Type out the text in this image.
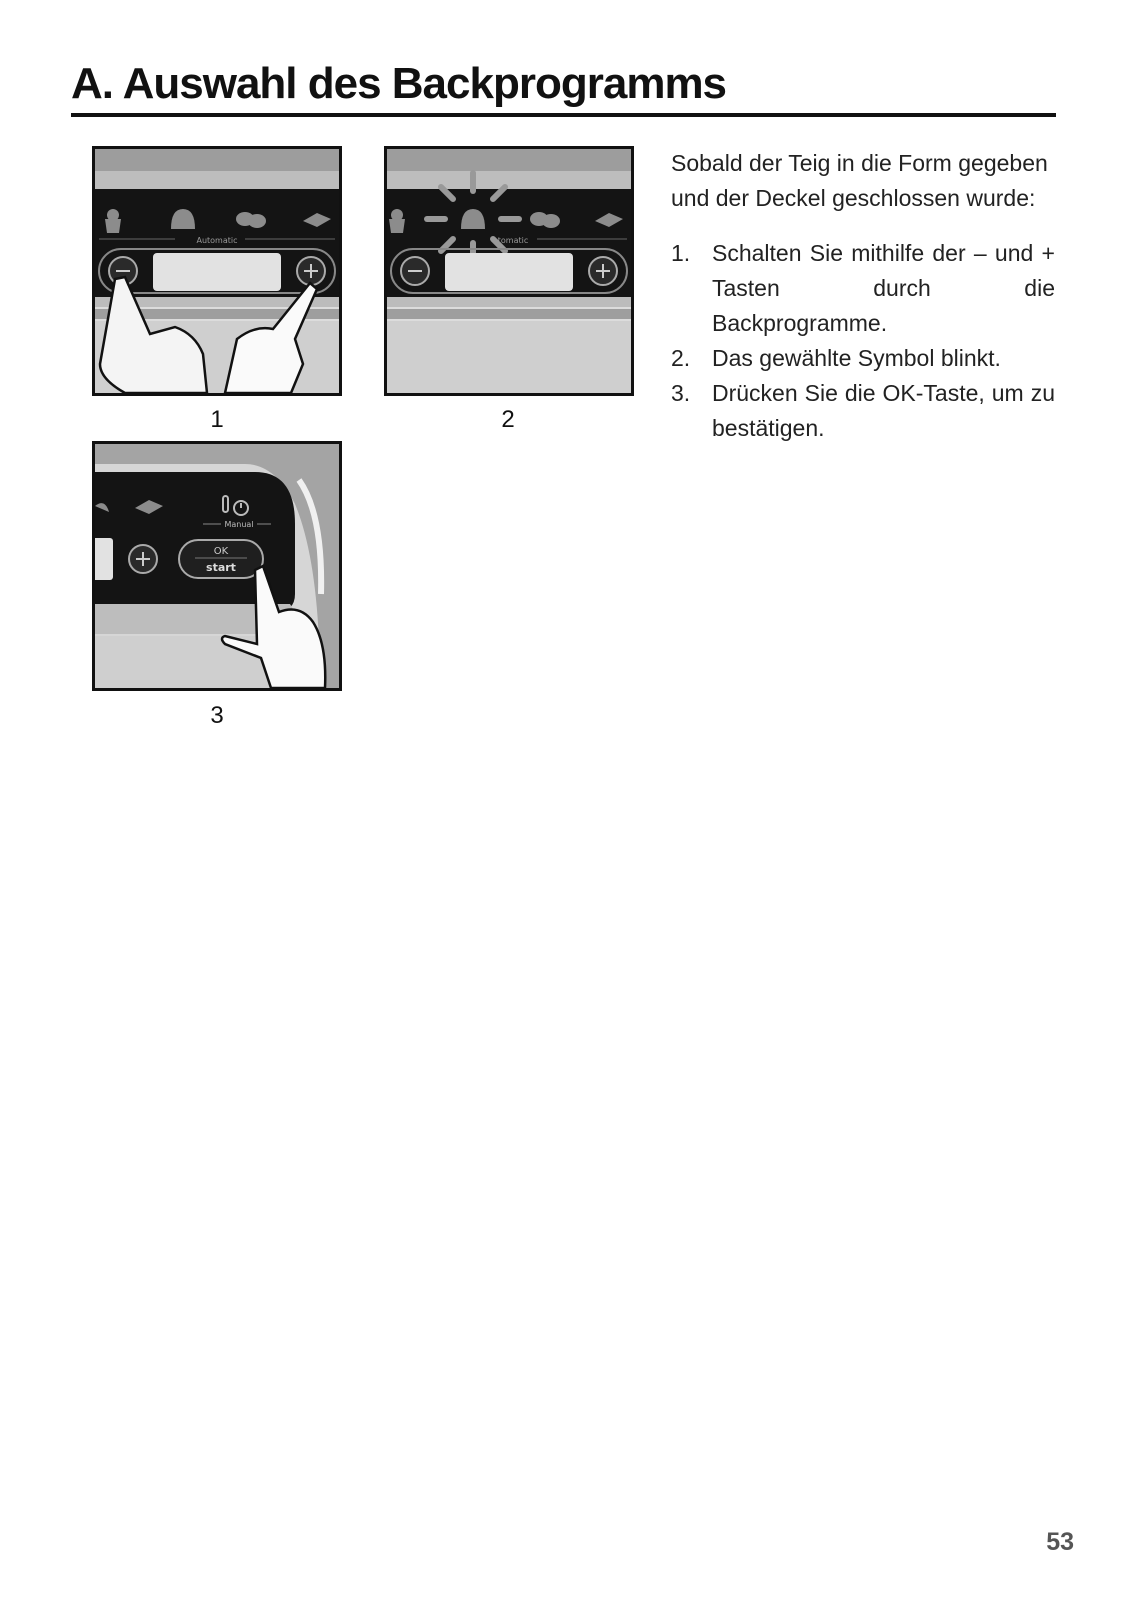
A. Auswahl des Backprogramms
Automatic
1
tomatic
2
Manual
OK
start
3

Sobald der Teig in die Form gegeben und der Deckel geschlossen wurde:

1. Schalten Sie mithilfe der – und + Tasten durch die Backprogramme.
2. Das gewählte Symbol blinkt.
3. Drücken Sie die OK-Taste, um zu bestätigen.
53
